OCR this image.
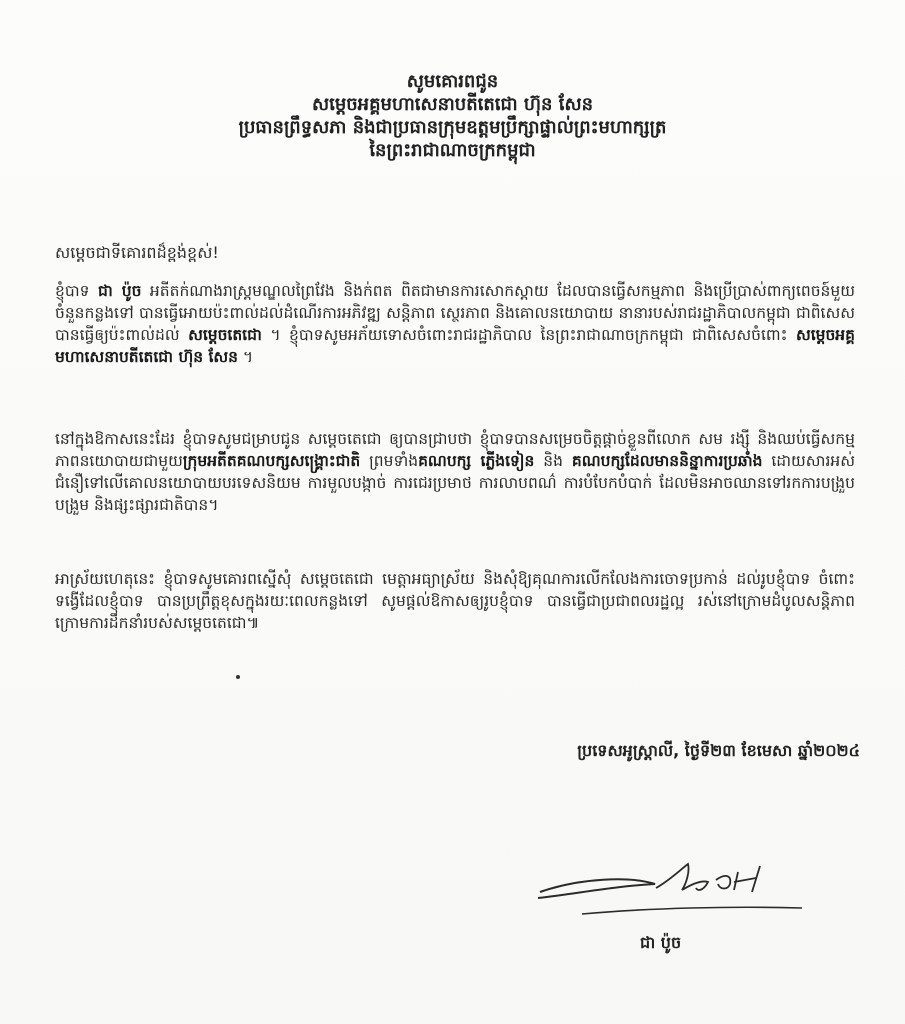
សូមគោរពជូន
សម្តេចអគ្គមហាសេនាបតីតេជោ ហ៊ុន សែន
ប្រធានព្រឹទ្ធសភា និងជាប្រធានក្រុមឧត្តមប្រឹក្សាផ្ទាល់ព្រះមហាក្សត្រ
នៃព្រះរាជាណាចក្រកម្ពុជា
សម្តេចជាទីគោរពដ៏ខ្ពង់ខ្ពស់!
ខ្ញុំបាទ ជា ប៉ូច អតីតក់ណាងរាស្រ្តមណ្ឌលព្រៃវែង និងក់ពត ពិតជាមានការសោកស្តាយ ដែលបានធ្វើសកម្មភាព និងប្រើប្រាស់ពាក្យពេចន៍មួយចំនួនកន្លងទៅ បានធ្វើអោយប៉ះពាល់ដល់ដំណើរការអភិវឌ្ឍ សន្តិភាព ស្ថេរភាព និងគោលនយោបាយ នានារបស់រាជរដ្ឋាភិបាលកម្ពុជា ជាពិសេសបានធ្វើឲ្យប៉ះពាល់ដល់ សម្តេចតេជោ ។ ខ្ញុំបាទសូមអភ័យទោសចំពោះរាជរដ្ឋាភិបាល នៃព្រះរាជាណាចក្រកម្ពុជា ជាពិសេសចំពោះ សម្តេចអគ្គមហាសេនាបតីតេជោ ហ៊ុន សែន ។
នៅក្នុងឱកាសនេះដែរ ខ្ញុំបាទសូមជម្រាបជូន សម្តេចតេជោ ឲ្យបានជ្រាបថា ខ្ញុំបាទបានសម្រេចចិត្តផ្តាច់ខ្លួនពីលោក សម រង្ស៊ី និងឈប់ធ្វើសកម្មភាពនយោបាយជាមួយក្រុមអតីតគណបក្សសង្គ្រោះជាតិ ព្រមទាំងគណបក្ស ភ្លើងទៀន និង គណបក្សដែលមាននិន្នាការប្រឆាំង ដោយសារអស់ជំនឿទៅលើគោលនយោបាយបរទេសនិយម ការមួលបង្កាច់ ការជេរប្រមាថ ការលាបពណ៌ ការបំបែកបំបាក់ ដែលមិនអាចឈានទៅរកការបង្រួបបង្រួម និងផ្សះផ្សារជាតិបាន។
អាស្រ័យហេតុនេះ ខ្ញុំបាទសូមគោរពស្នើសុំ សម្តេចតេជោ មេត្តាអធ្យាស្រ័យ និងសុំឱ្យគុណការលើកលែងការចោទប្រកាន់ ដល់រូបខ្ញុំបាទ ចំពោះទង្វើដែលខ្ញុំបាទ បានប្រព្រឹត្តខុសក្នុងរយៈពេលកន្លងទៅ សូមផ្តល់ឱកាសឲ្យរូបខ្ញុំបាទ បានធ្វើជាប្រជាពលរដ្ឋល្អ រស់នៅក្រោមដំបូលសន្តិភាព ក្រោមការដឹកនាំរបស់សម្តេចតេជោ៕
ប្រទេសអូស្ត្រាលី, ថ្ងៃទី២៣ ខែមេសា ឆ្នាំ២០២៤
ជា ប៉ូច
